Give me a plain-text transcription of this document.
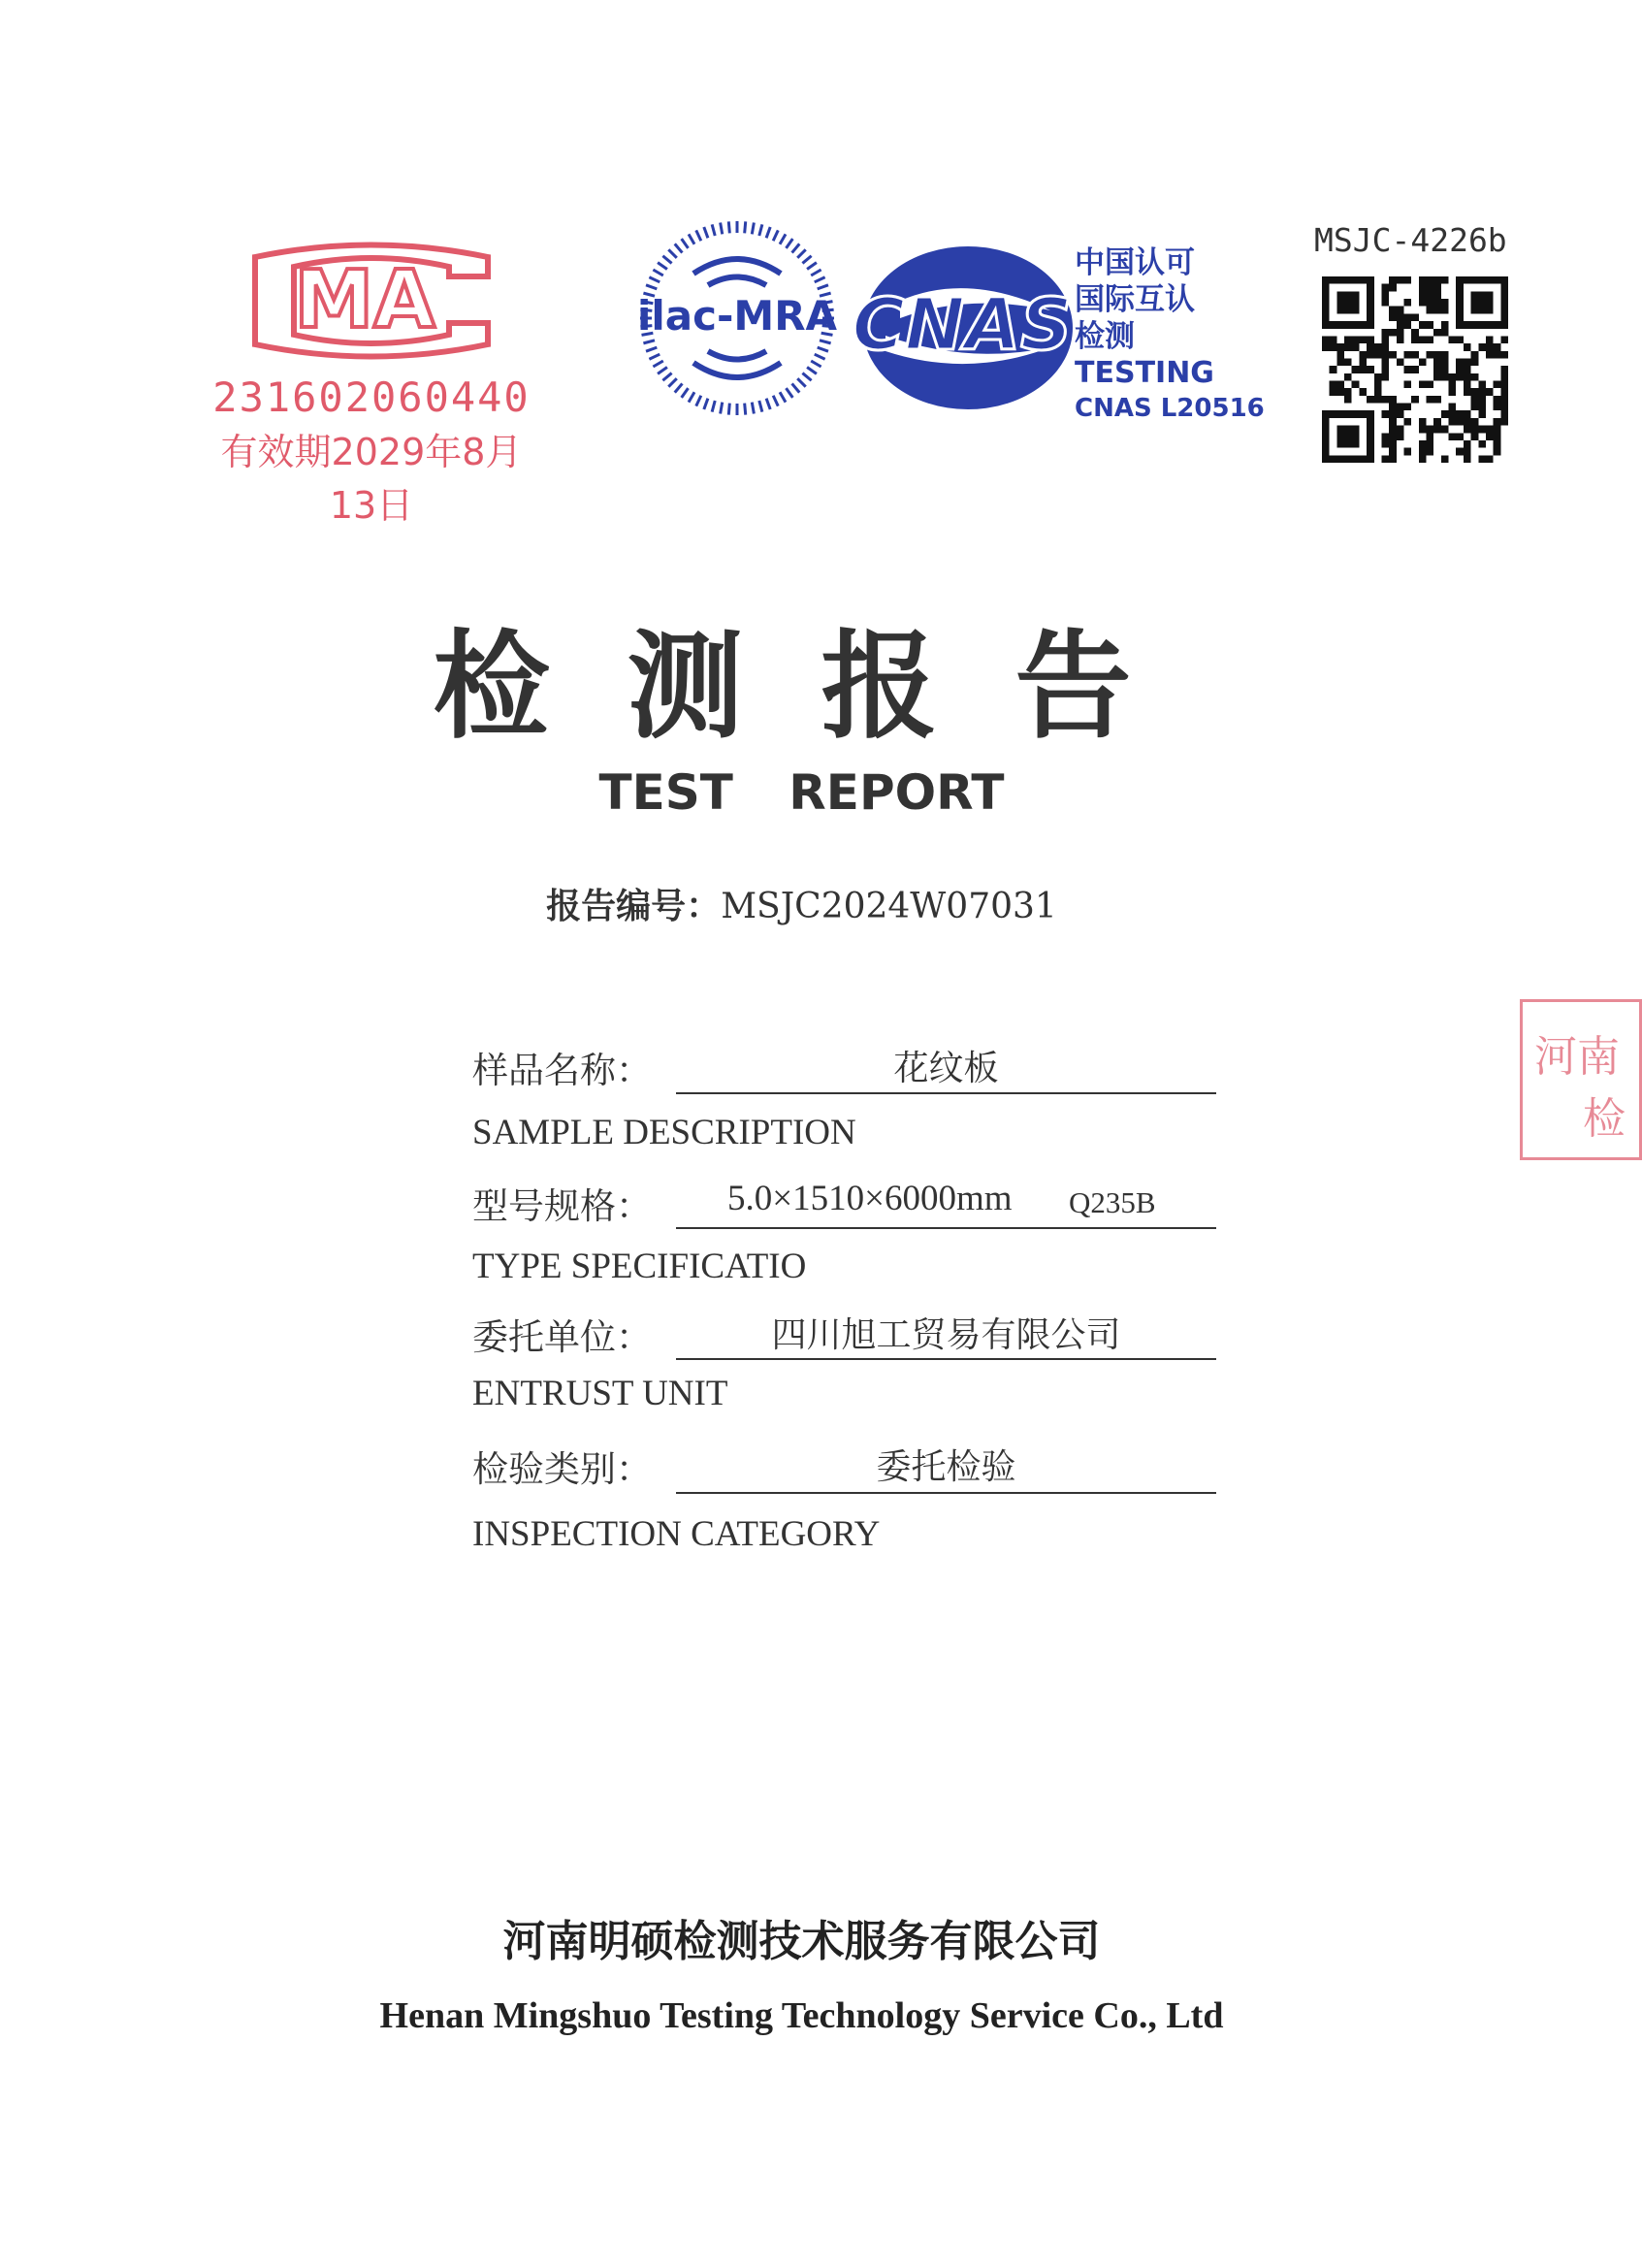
MA
231602060440
有效期2029年8月13日
ilac-MRA CNAS
中国认可
国际互认
检测
TESTING
CNAS L20516
MSJC-4226b
检测报告
TEST REPORT
报告编号：MSJC2024W07031
样品名称：	花纹板
SAMPLE DESCRIPTION
型号规格： 5.0×1510×6000mm Q235B
TYPE SPECIFICATIO
委托单位：	四川旭工贸易有限公司
ENTRUST UNIT
检验类别：	委托检验
INSPECTION CATEGORY
河南
检
河南明硕检测技术服务有限公司
Henan Mingshuo Testing Technology Service Co., Ltd
